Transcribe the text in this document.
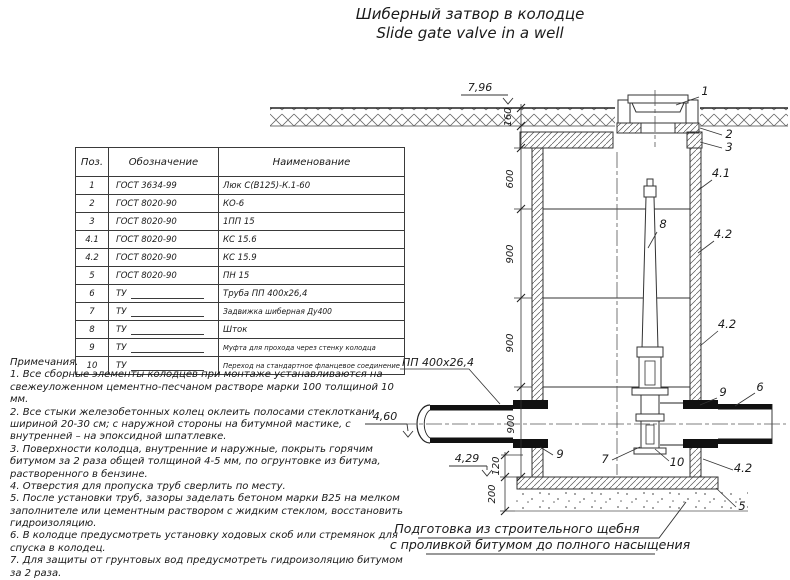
Шиберный затвор в колодце
Slide gate valve in a well
160
600
900
900
900
120
200
7,96
4,60
4,29
ПП 400х26,4
1
2
3
4.1
4.2
8
4.2
9	6
9	7	10	4.2
5
Подготовка из строительного щебня
с проливкой битумом до полного насыщения
Поз.	Обозначение	Наименование
1	ГОСТ 3634-99	Люк С(В125)-К.1-60
2	ГОСТ 8020-90	КО-6
3	ГОСТ 8020-90	1ПП 15
4.1	ГОСТ 8020-90	КС 15.6
4.2	ГОСТ 8020-90	КС 15.9
5	ГОСТ 8020-90	ПН 15
6	ТУ	Труба ПП 400х26,4
7	ТУ	Задвижка шиберная Ду400
8	ТУ	Шток
9	ТУ	Муфта для прохода через стенку колодца
10	ТУ	Переход на стандартное фланцевое соединение

Примечания.

1. Все сборные элементы колодцев при монтаже устанавливаются на свежеуложенном цементно-песчаном растворе марки 100 толщиной 10 мм.

2. Все стыки железобетонных колец оклеить полосами стеклоткани шириной 20-30 см; с наружной стороны на битумной мастике, с внутренней – на эпоксидной шпатлевке.

3. Поверхности колодца, внутренние и наружные, покрыть горячим битумом за 2 раза общей толщиной 4-5 мм, по огрунтовке из битума, растворенного в бензине.

4. Отверстия для пропуска труб сверлить по месту.

5. После установки труб, зазоры заделать бетоном марки В25 на мелком заполнителе или цементным раствором с жидким стеклом, восстановить гидроизоляцию.

6. В колодце предусмотреть установку ходовых скоб или стремянок для спуска в колодец.

7. Для защиты от грунтовых вод предусмотреть гидроизоляцию битумом за 2 раза.
